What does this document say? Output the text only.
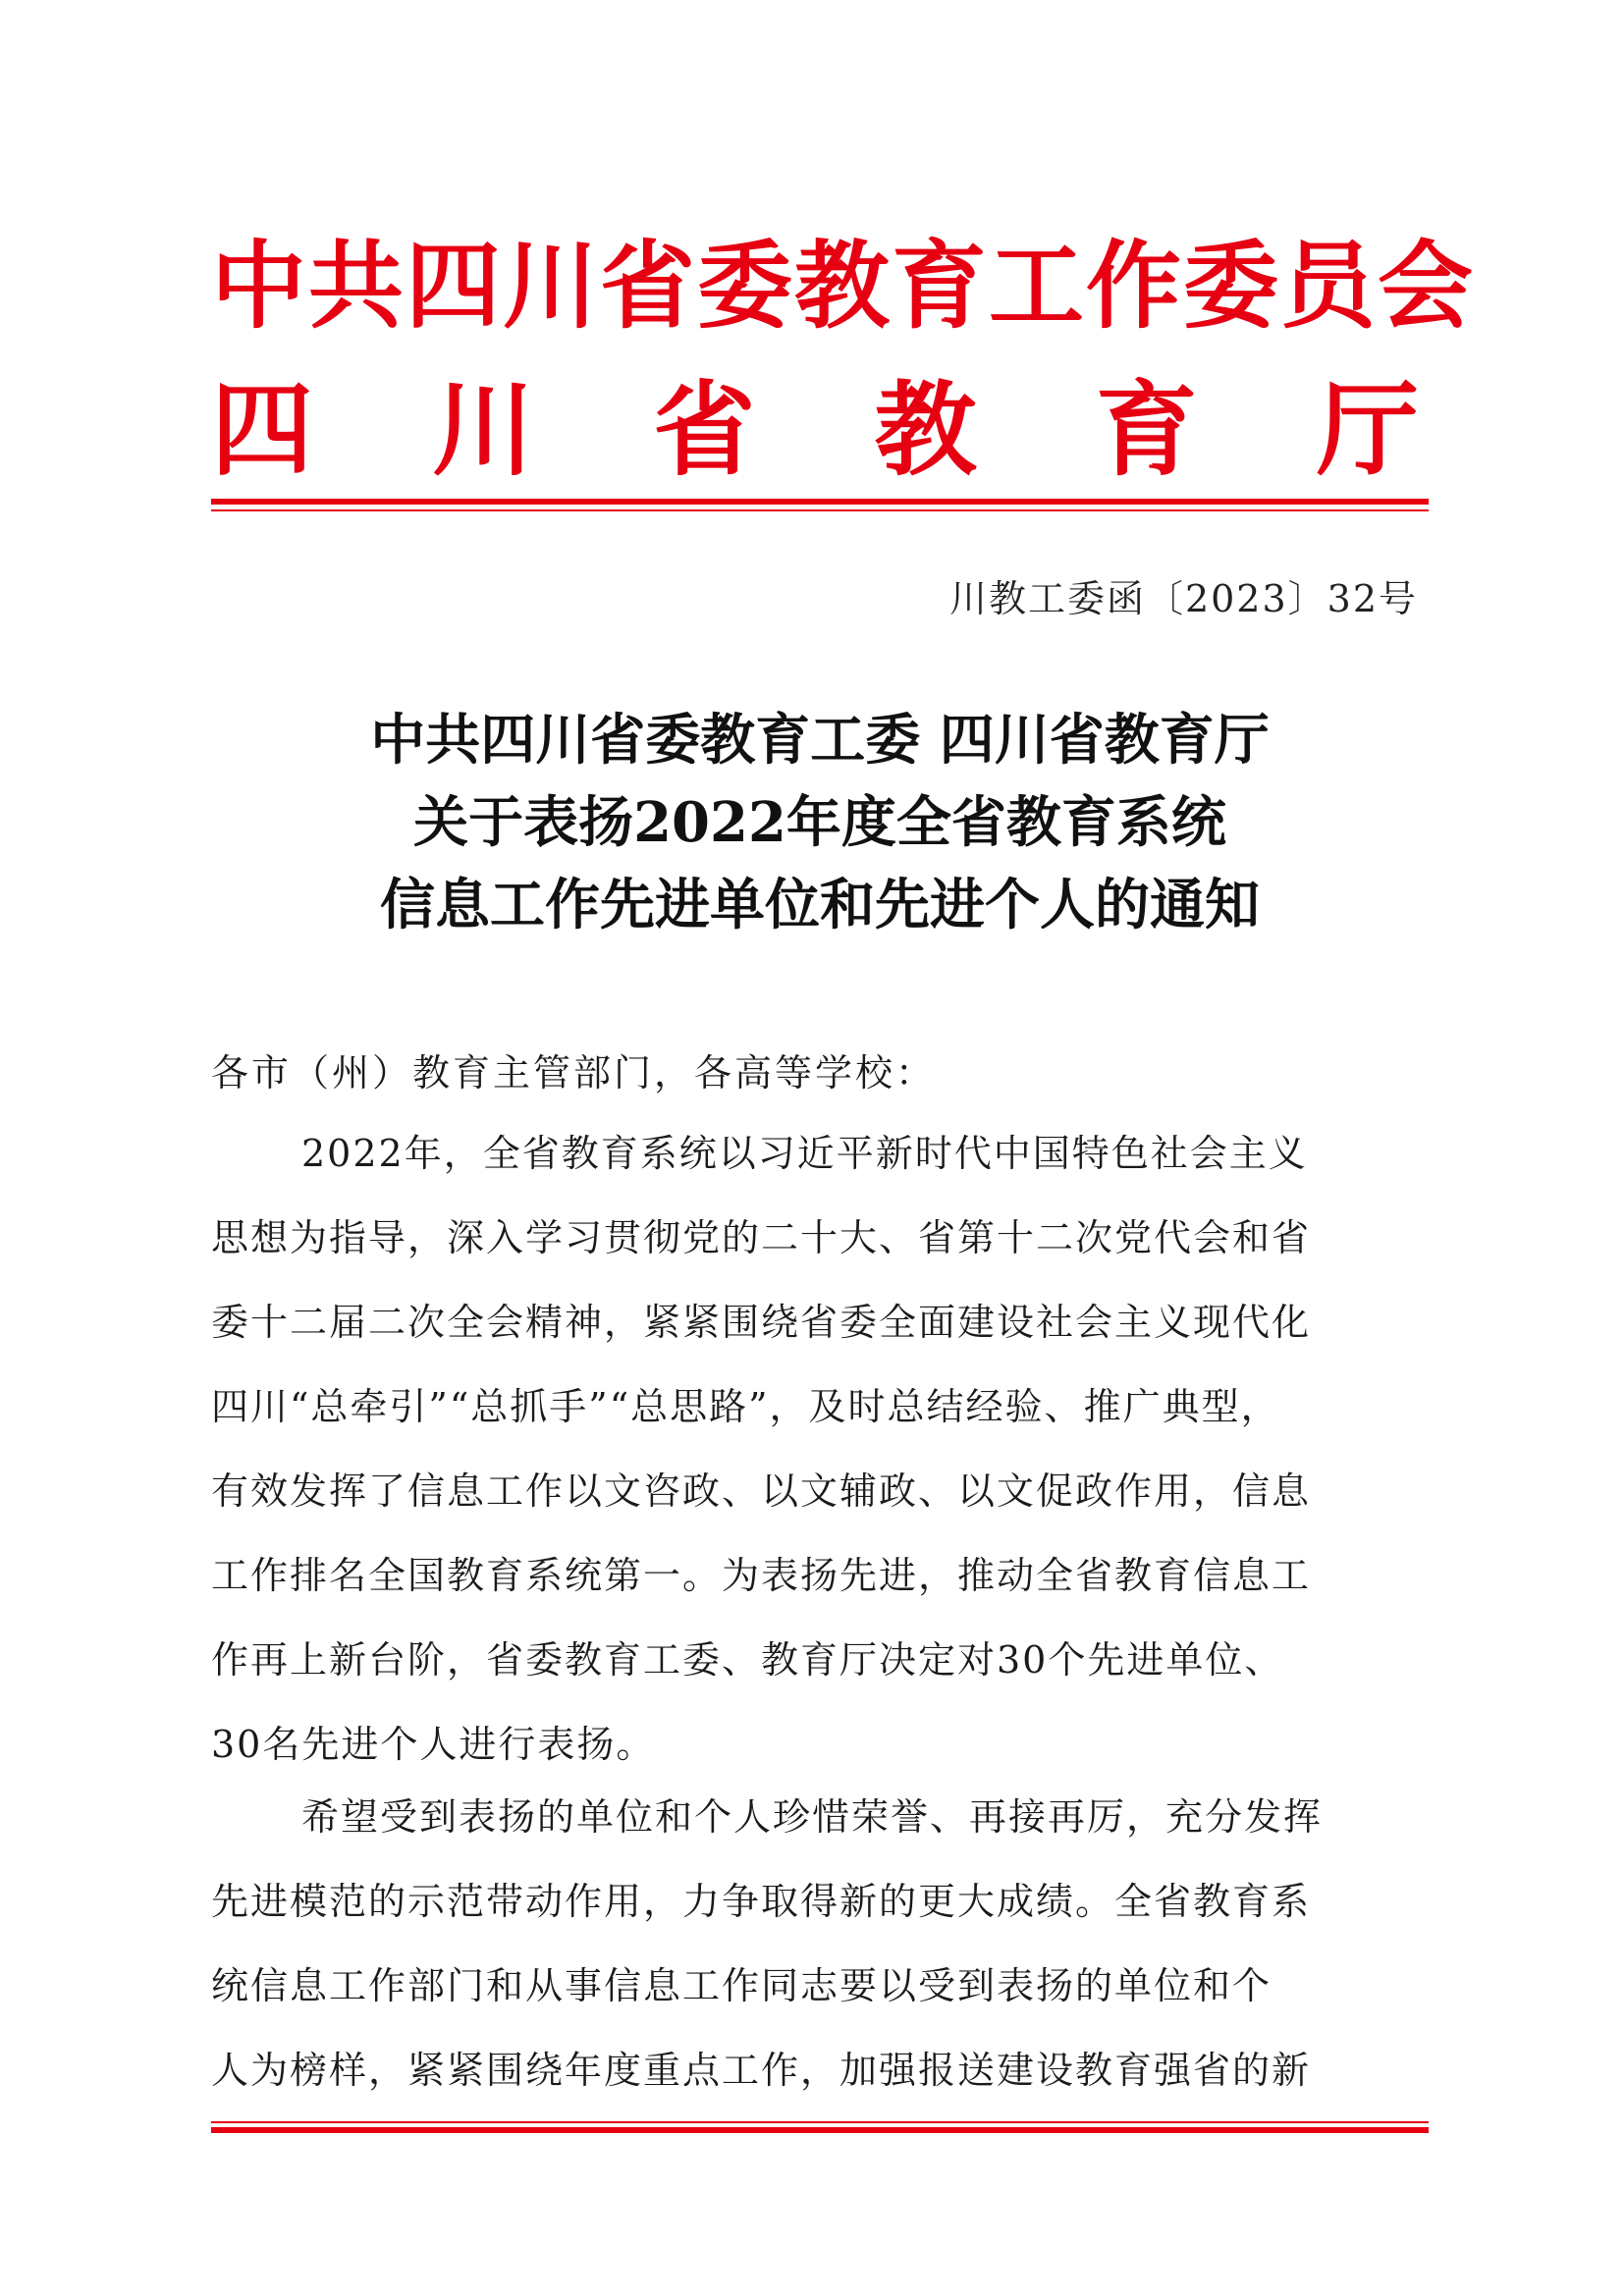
中共四川省委教育工作委员会
四 川 省 教 育 厅
川教工委函〔2023〕32号
中共四川省委教育工委 四川省教育厅
关于表扬2022年度全省教育系统
信息工作先进单位和先进个人的通知
各市（州）教育主管部门，各高等学校：
2022年，全省教育系统以习近平新时代中国特色社会主义
思想为指导，深入学习贯彻党的二十大、省第十二次党代会和省
委十二届二次全会精神，紧紧围绕省委全面建设社会主义现代化
四川“总牵引”“总抓手”“总思路”，及时总结经验、推广典型，
有效发挥了信息工作以文咨政、以文辅政、以文促政作用，信息
工作排名全国教育系统第一。为表扬先进，推动全省教育信息工
作再上新台阶，省委教育工委、教育厅决定对30个先进单位、
30名先进个人进行表扬。
希望受到表扬的单位和个人珍惜荣誉、再接再厉，充分发挥
先进模范的示范带动作用，力争取得新的更大成绩。全省教育系
统信息工作部门和从事信息工作同志要以受到表扬的单位和个
人为榜样，紧紧围绕年度重点工作，加强报送建设教育强省的新
